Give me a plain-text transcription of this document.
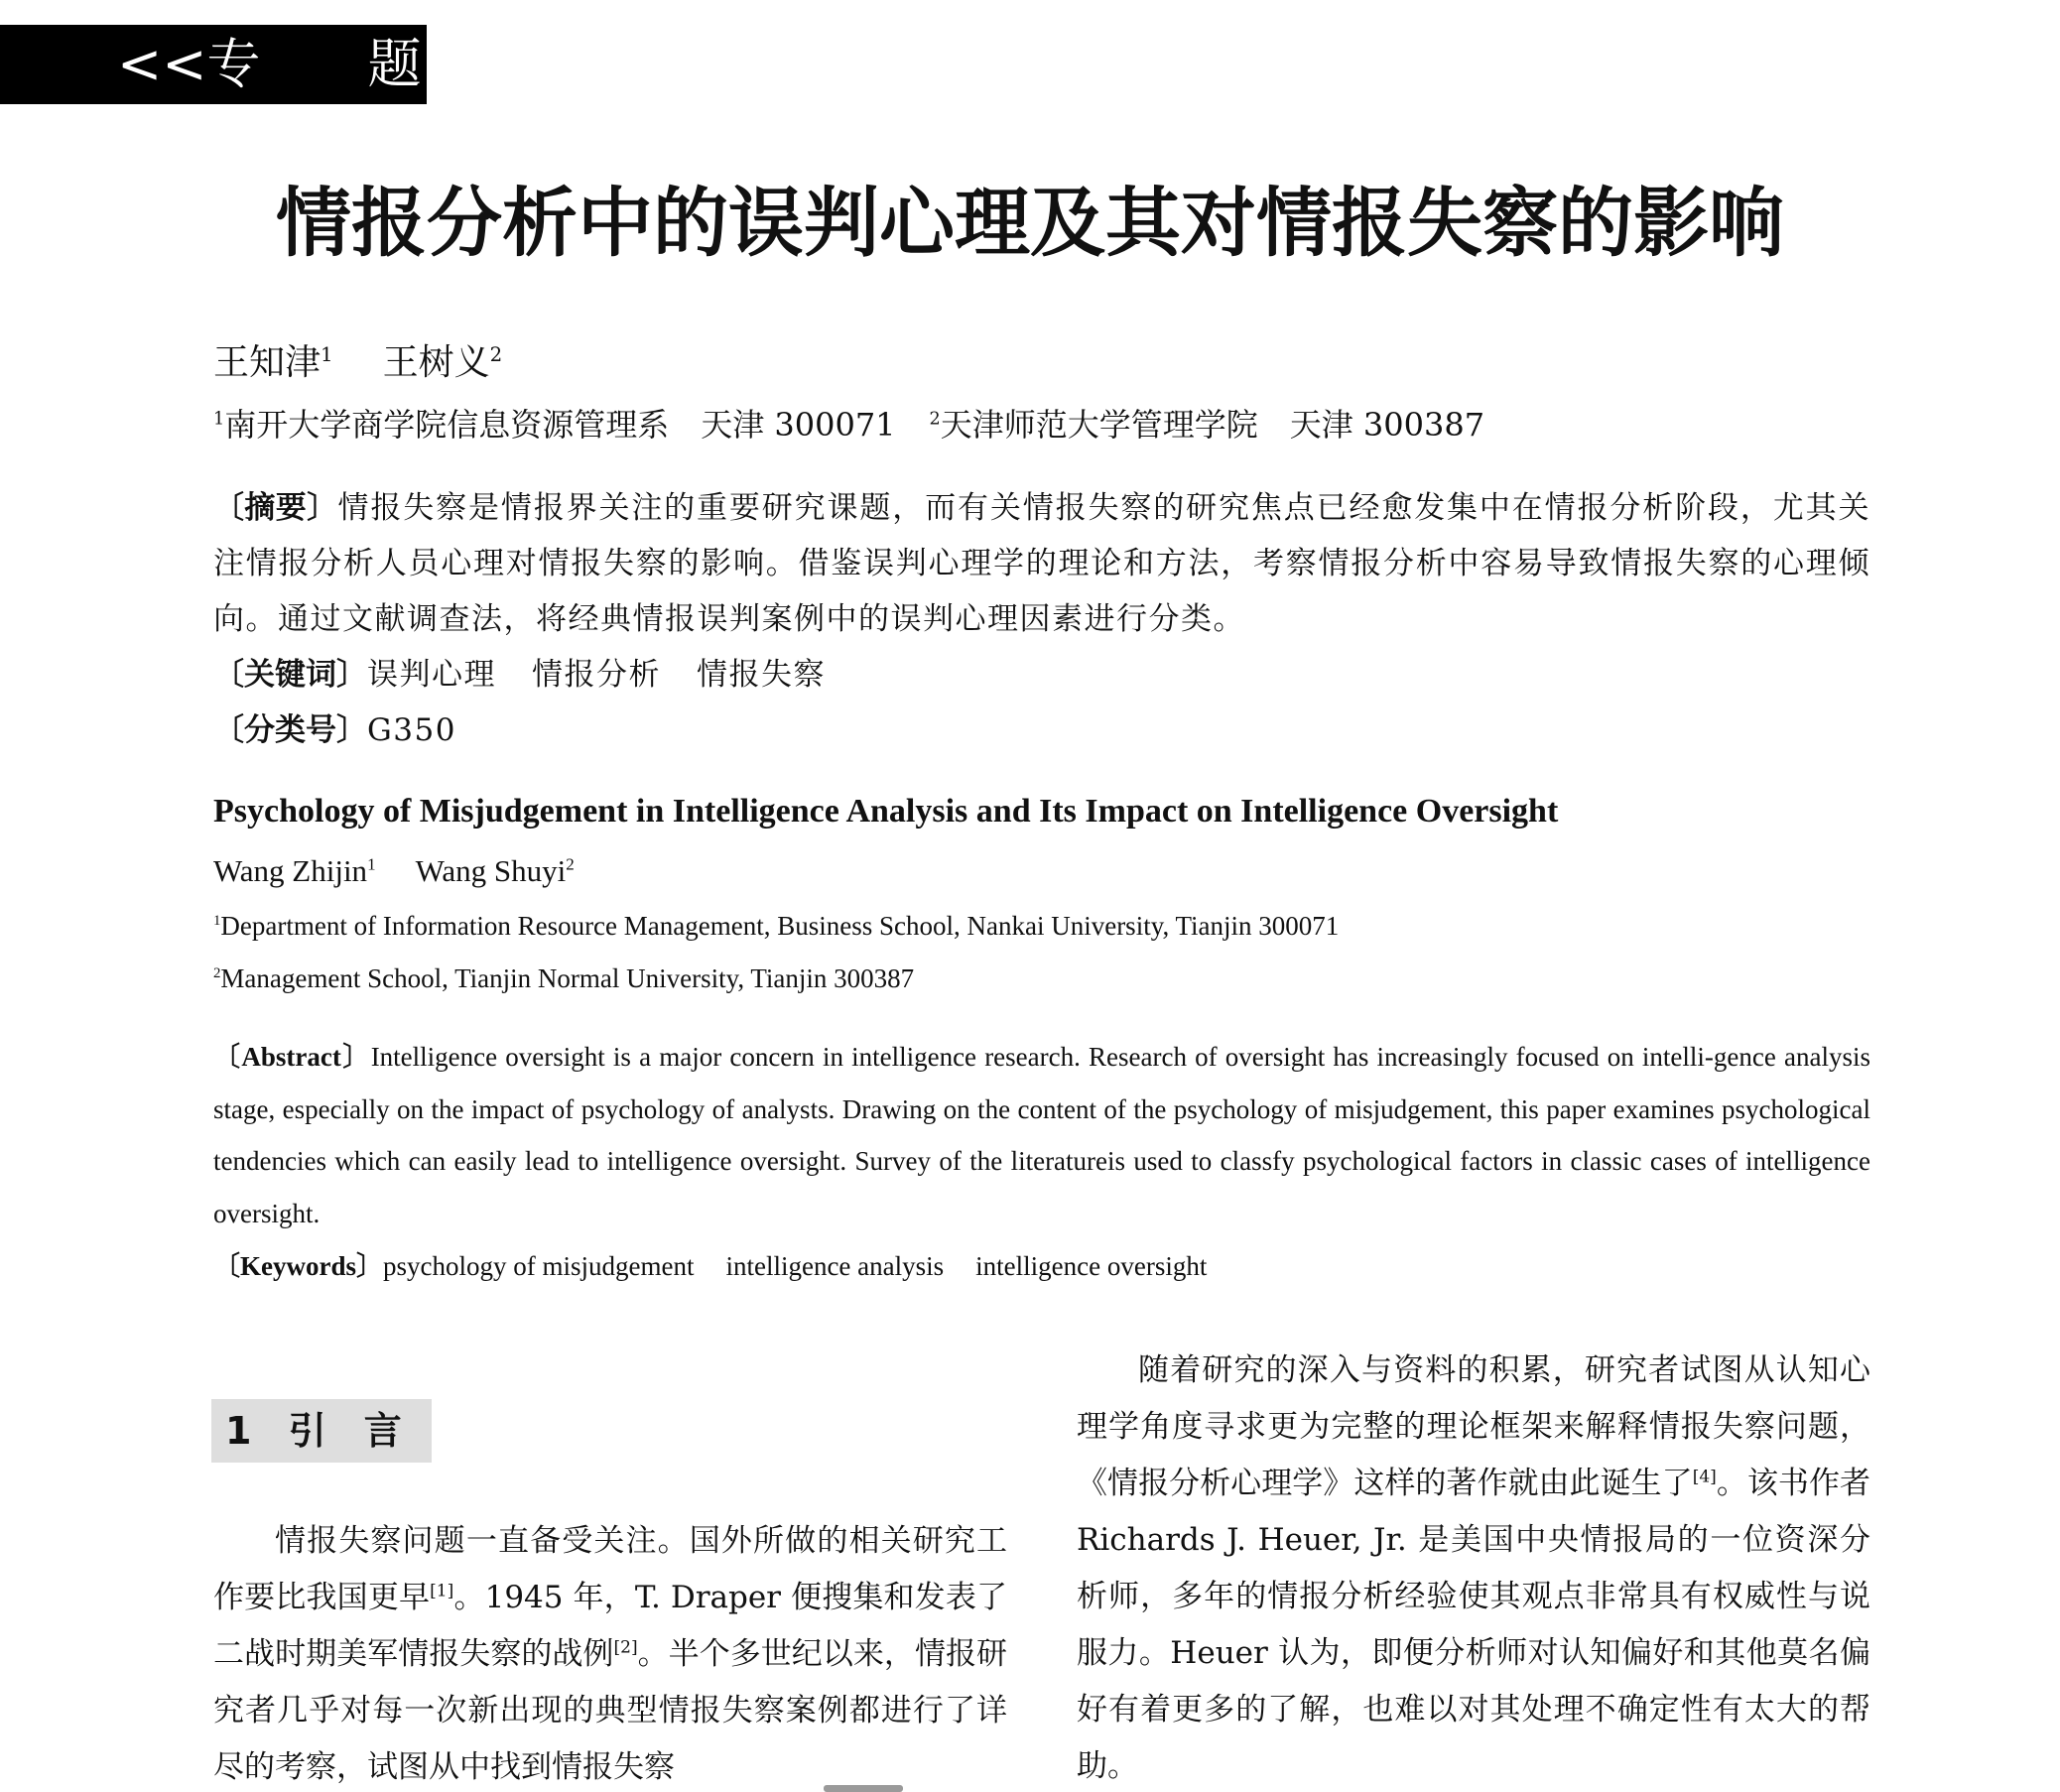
<<专　　题
情报分析中的误判心理及其对情报失察的影响
王知津$^1$ 王树义$^2$
$^1$南开大学商学院信息资源管理系　天津 300071 $^2$天津师范大学管理学院　天津 300387
〔摘要〕情报失察是情报界关注的重要研究课题，而有关情报失察的研究焦点已经愈发集中在情报分析阶段，尤其关注情报分析人员心理对情报失察的影响。借鉴误判心理学的理论和方法，考察情报分析中容易导致情报失察的心理倾向。通过文献调查法，将经典情报误判案例中的误判心理因素进行分类。
〔关键词〕误判心理 情报分析 情报失察
〔分类号〕G350
Psychology of Misjudgement in Intelligence Analysis and Its Impact on Intelligence Oversight
Wang Zhijin$^1$ Wang Shuyi$^2$
$^1$Department of Information Resource Management, Business School, Nankai University, Tianjin 300071
$^2$Management School, Tianjin Normal University, Tianjin 300387
〔Abstract〕Intelligence oversight is a major concern in intelligence research. Research of oversight has increasingly focused on intelli-gence analysis stage, especially on the impact of psychology of analysts. Drawing on the content of the psychology of misjudgement, this paper examines psychological tendencies which can easily lead to intelligence oversight. Survey of the literatureis used to classfy psychological factors in classic cases of intelligence oversight.
〔Keywords〕psychology of misjudgement intelligence analysis intelligence oversight
1 引　言

情报失察问题一直备受关注。国外所做的相关研究工作要比我国更早[1]。1945 年，T. Draper 便搜集和发表了二战时期美军情报失察的战例[2]。半个多世纪以来，情报研究者几乎对每一次新出现的典型情报失察案例都进行了详尽的考察，试图从中找到情报失察

随着研究的深入与资料的积累，研究者试图从认知心理学角度寻求更为完整的理论框架来解释情报失察问题，《情报分析心理学》这样的著作就由此诞生了[4]。该书作者 Richards J. Heuer, Jr. 是美国中央情报局的一位资深分析师，多年的情报分析经验使其观点非常具有权威性与说服力。Heuer 认为，即便分析师对认知偏好和其他莫名偏好有着更多的了解，也难以对其处理不确定性有太大的帮助。
